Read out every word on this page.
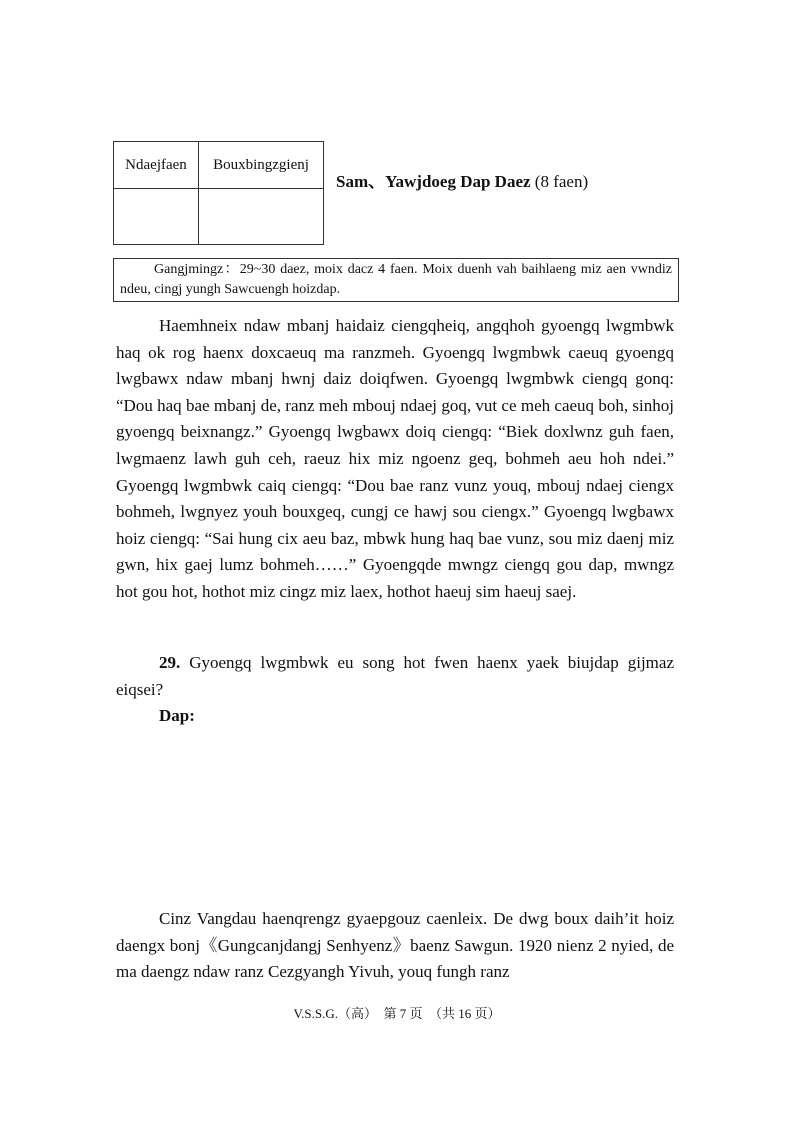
Ndaejfaen	Bouxbingzgienj

Sam、Yawjdoeg Dap Daez (8 faen)
Gangjmingz：29~30 daez, moix dacz 4 faen. Moix duenh vah baihlaeng miz aen vwndiz ndeu, cingj yungh Sawcuengh hoizdap.

Haemhneix ndaw mbanj haidaiz ciengqheiq, angqhoh gyoengq lwgmbwk haq ok rog haenx doxcaeuq ma ranzmeh. Gyoengq lwgmbwk caeuq gyoengq lwgbawx ndaw mbanj hwnj daiz doiqfwen. Gyoengq lwgmbwk ciengq gonq: “Dou haq bae mbanj de, ranz meh mbouj ndaej goq, vut ce meh caeuq boh, sinhoj gyoengq beixnangz.” Gyoengq lwgbawx doiq ciengq: “Biek doxlwnz guh faen, lwgmaenz lawh guh ceh, raeuz hix miz ngoenz geq, bohmeh aeu hoh ndei.” Gyoengq lwgmbwk caiq ciengq: “Dou bae ranz vunz youq, mbouj ndaej ciengx bohmeh, lwgnyez youh bouxgeq, cungj ce hawj sou ciengx.” Gyoengq lwgbawx hoiz ciengq: “Sai hung cix aeu baz, mbwk hung haq bae vunz, sou miz daenj miz gwn, hix gaej lumz bohmeh……” Gyoengqde mwngz ciengq gou dap, mwngz hot gou hot, hothot miz cingz miz laex, hothot haeuj sim haeuj saej.

29. Gyoengq lwgmbwk eu song hot fwen haenx yaek biujdap gijmaz eiqsei?

Dap:

Cinz Vangdau haenqrengz gyaepgouz caenleix. De dwg boux daih’it hoiz daengx bonj《Gungcanjdangj Senhyenz》baenz Sawgun. 1920 nienz 2 nyied, de ma daengz ndaw ranz Cezgyangh Yivuh, youq fungh ranz

V.S.S.G.（高）　第 7 页　（共 16 页）
